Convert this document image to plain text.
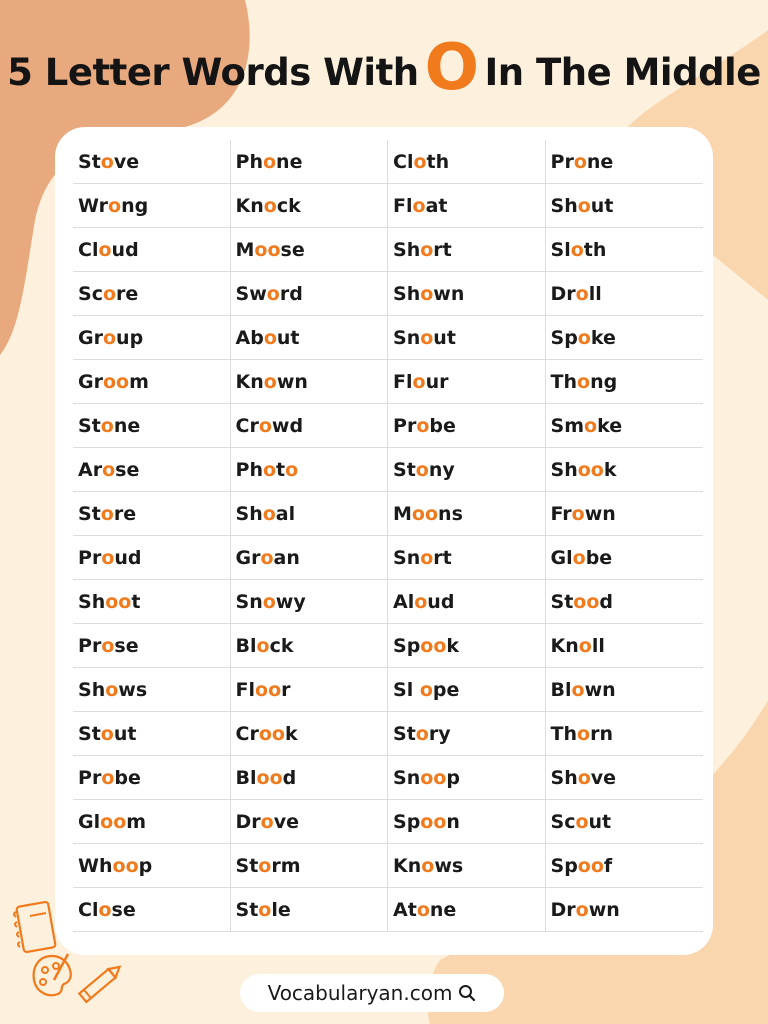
5 Letter Words With O In The Middle
St o ve	Ph o ne	Cl o th	Pr o ne
Wr o ng	Kn o ck	Fl o at	Sh o ut
Cl o ud	M o o se	Sh o rt	Sl o th
Sc o re	Sw o rd	Sh o wn	Dr o ll
Gr o up	Ab o ut	Sn o ut	Sp o ke
Gr o o m	Kn o wn	Fl o ur	Th o ng
St o ne	Cr o wd	Pr o be	Sm o ke
Ar o se	Ph o t o	St o ny	Sh o o k
St o re	Sh o al	M o o ns	Fr o wn
Pr o ud	Gr o an	Sn o rt	Gl o be
Sh o o t	Sn o wy	Al o ud	St o o d
Pr o se	Bl o ck	Sp o o k	Kn o ll
Sh o ws	Fl o o r	Sl o pe	Bl o wn
St o ut	Cr o o k	St o ry	Th o rn
Pr o be	Bl o o d	Sn o o p	Sh o ve
Gl o o m	Dr o ve	Sp o o n	Sc o ut
Wh o o p	St o rm	Kn o ws	Sp o o f
Cl o se	St o le	At o ne	Dr o wn
Vocabularyan.com
